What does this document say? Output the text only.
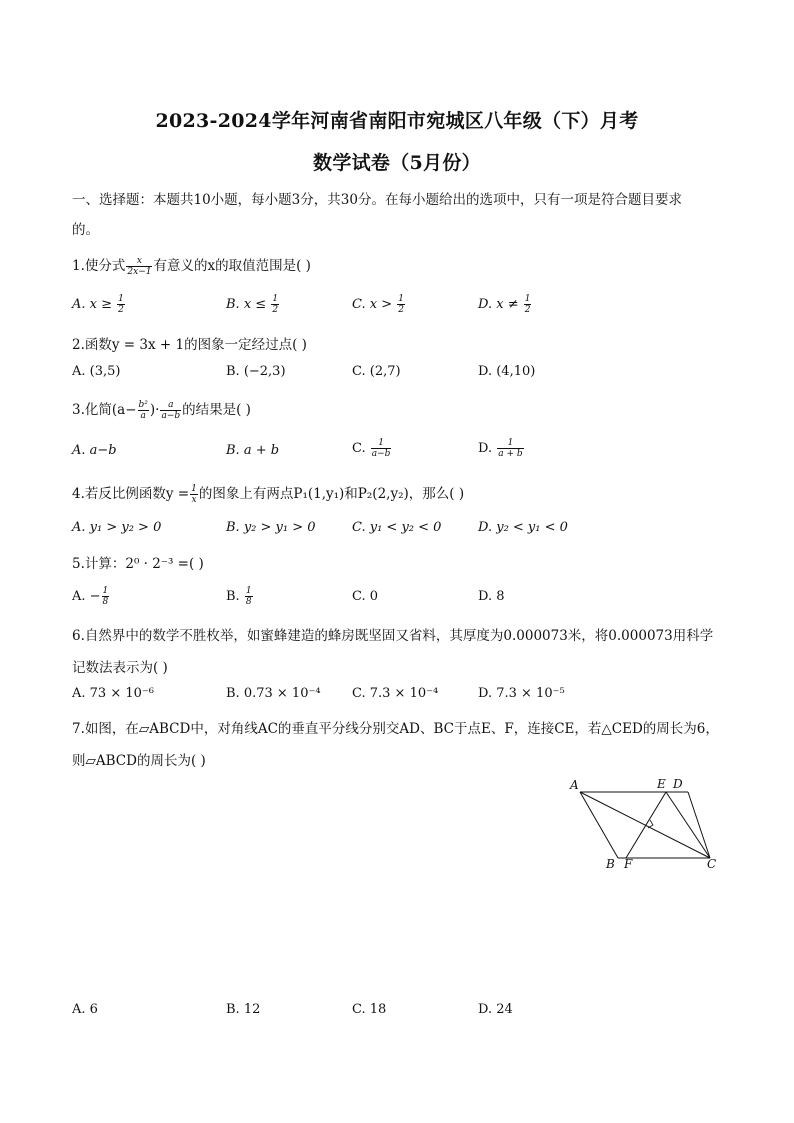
2023-2024学年河南省南阳市宛城区八年级（下）月考
数学试卷（5月份）
一、选择题：本题共10小题，每小题3分，共30分。在每小题给出的选项中，只有一项是符合题目要求
的。
1.使分式 $\frac{x}{2x-1}$ 有意义的x的取值范围是( )
A. $x \ge \frac{1}{2}$	B. $x \le \frac{1}{2}$	C. $x > \frac{1}{2}$	D. $x \ne \frac{1}{2}$
2.函数y = 3x + 1的图象一定经过点( )
A. (3,5)	B. (−2,3)	C. (2,7)	D. (4,10)
3.化简($a- \frac{\text{b²}}{a}$ )· $\frac{a}{a-b}$ 的结果是( )
A. a−b	B. a + b	C. $\frac{1}{a-b}$	D. $\frac{1}{a + b}$
4.若反比例函数$y = \frac{1}{x}$ 的图象上有两点P₁(1,y₁)和P₂(2,y₂)，那么( )
A. y₁ > y₂ > 0	B. y₂ > y₁ > 0	C. y₁ < y₂ < 0	D. y₂ < y₁ < 0
5.计算：2⁰ · 2⁻³ =( )
A. − $\frac{1}{8}$	B. $\frac{1}{8}$	C. 0	D. 8
6.自然界中的数学不胜枚举，如蜜蜂建造的蜂房既坚固又省料，其厚度为0.000073米，将0.000073用科学
记数法表示为( )
A. 73 × 10⁻⁶	B. 0.73 × 10⁻⁴ C. 7.3 × 10⁻⁴	D. 7.3 × 10⁻⁵
7.如图，在▱ABCD中，对角线AC的垂直平分线分别交AD、BC于点E、F，连接CE，若△CED的周长为6，
则▱ABCD的周长为( )
A	E D
B F	C
A. 6	B. 12	C. 18	D. 24
